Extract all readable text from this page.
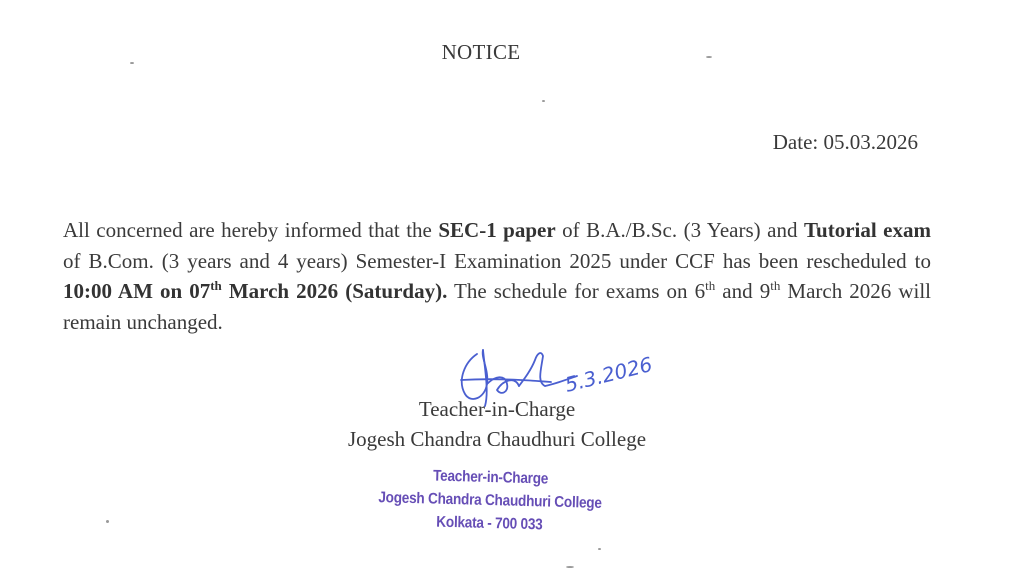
NOTICE
Date: 05.03.2026
All concerned are hereby informed that the SEC-1 paper of B.A./B.Sc. (3 Years) and Tutorial exam of B.Com. (3 years and 4 years) Semester-I Examination 2025 under CCF has been rescheduled to 10:00 AM on 07th March 2026 (Saturday). The schedule for exams on 6th and 9th March 2026 will remain unchanged.
Teacher-in-Charge
Jogesh Chandra Chaudhuri College
5.3.2026
Teacher-in-Charge
Jogesh Chandra Chaudhuri College
Kolkata - 700 033
